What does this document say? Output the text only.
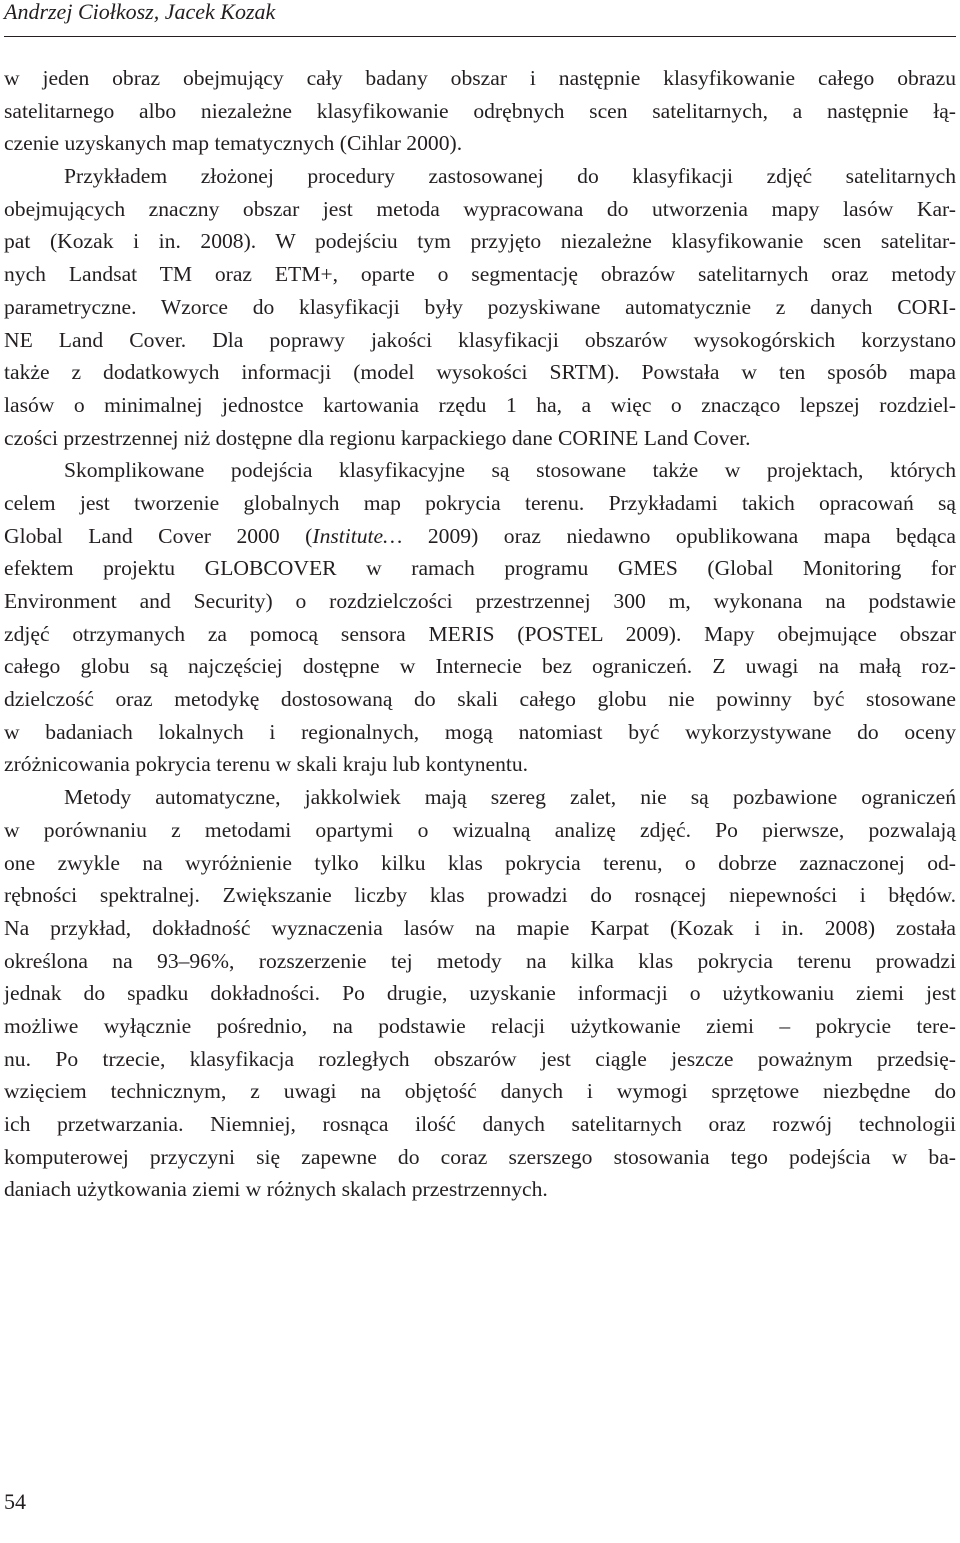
Andrzej Ciołkosz, Jacek Kozak
w jeden obraz obejmujący cały badany obszar i następnie klasyfikowanie całego obrazu
satelitarnego albo niezależne klasyfikowanie odrębnych scen satelitarnych, a następnie łą-
czenie uzyskanych map tematycznych (Cihlar 2000).
Przykładem złożonej procedury zastosowanej do klasyfikacji zdjęć satelitarnych
obejmujących znaczny obszar jest metoda wypracowana do utworzenia mapy lasów Kar-
pat (Kozak i in. 2008). W podejściu tym przyjęto niezależne klasyfikowanie scen satelitar-
nych Landsat TM oraz ETM+, oparte o segmentację obrazów satelitarnych oraz metody
parametryczne. Wzorce do klasyfikacji były pozyskiwane automatycznie z danych CORI-
NE Land Cover. Dla poprawy jakości klasyfikacji obszarów wysokogórskich korzystano
także z dodatkowych informacji (model wysokości SRTM). Powstała w ten sposób mapa
lasów o minimalnej jednostce kartowania rzędu 1 ha, a więc o znacząco lepszej rozdziel-
czości przestrzennej niż dostępne dla regionu karpackiego dane CORINE Land Cover.
Skomplikowane podejścia klasyfikacyjne są stosowane także w projektach, których
celem jest tworzenie globalnych map pokrycia terenu. Przykładami takich opracowań są
Global Land Cover 2000 (Institute… 2009) oraz niedawno opublikowana mapa będąca
efektem projektu GLOBCOVER w ramach programu GMES (Global Monitoring for
Environment and Security) o rozdzielczości przestrzennej 300 m, wykonana na podstawie
zdjęć otrzymanych za pomocą sensora MERIS (POSTEL 2009). Mapy obejmujące obszar
całego globu są najczęściej dostępne w Internecie bez ograniczeń. Z uwagi na małą roz-
dzielczość oraz metodykę dostosowaną do skali całego globu nie powinny być stosowane
w badaniach lokalnych i regionalnych, mogą natomiast być wykorzystywane do oceny
zróżnicowania pokrycia terenu w skali kraju lub kontynentu.
Metody automatyczne, jakkolwiek mają szereg zalet, nie są pozbawione ograniczeń
w porównaniu z metodami opartymi o wizualną analizę zdjęć. Po pierwsze, pozwalają
one zwykle na wyróżnienie tylko kilku klas pokrycia terenu, o dobrze zaznaczonej od-
rębności spektralnej. Zwiększanie liczby klas prowadzi do rosnącej niepewności i błędów.
Na przykład, dokładność wyznaczenia lasów na mapie Karpat (Kozak i in. 2008) została
określona na 93–96%, rozszerzenie tej metody na kilka klas pokrycia terenu prowadzi
jednak do spadku dokładności. Po drugie, uzyskanie informacji o użytkowaniu ziemi jest
możliwe wyłącznie pośrednio, na podstawie relacji użytkowanie ziemi – pokrycie tere-
nu. Po trzecie, klasyfikacja rozległych obszarów jest ciągle jeszcze poważnym przedsię-
wzięciem technicznym, z uwagi na objętość danych i wymogi sprzętowe niezbędne do
ich przetwarzania. Niemniej, rosnąca ilość danych satelitarnych oraz rozwój technologii
komputerowej przyczyni się zapewne do coraz szerszego stosowania tego podejścia w ba-
daniach użytkowania ziemi w różnych skalach przestrzennych.
54
